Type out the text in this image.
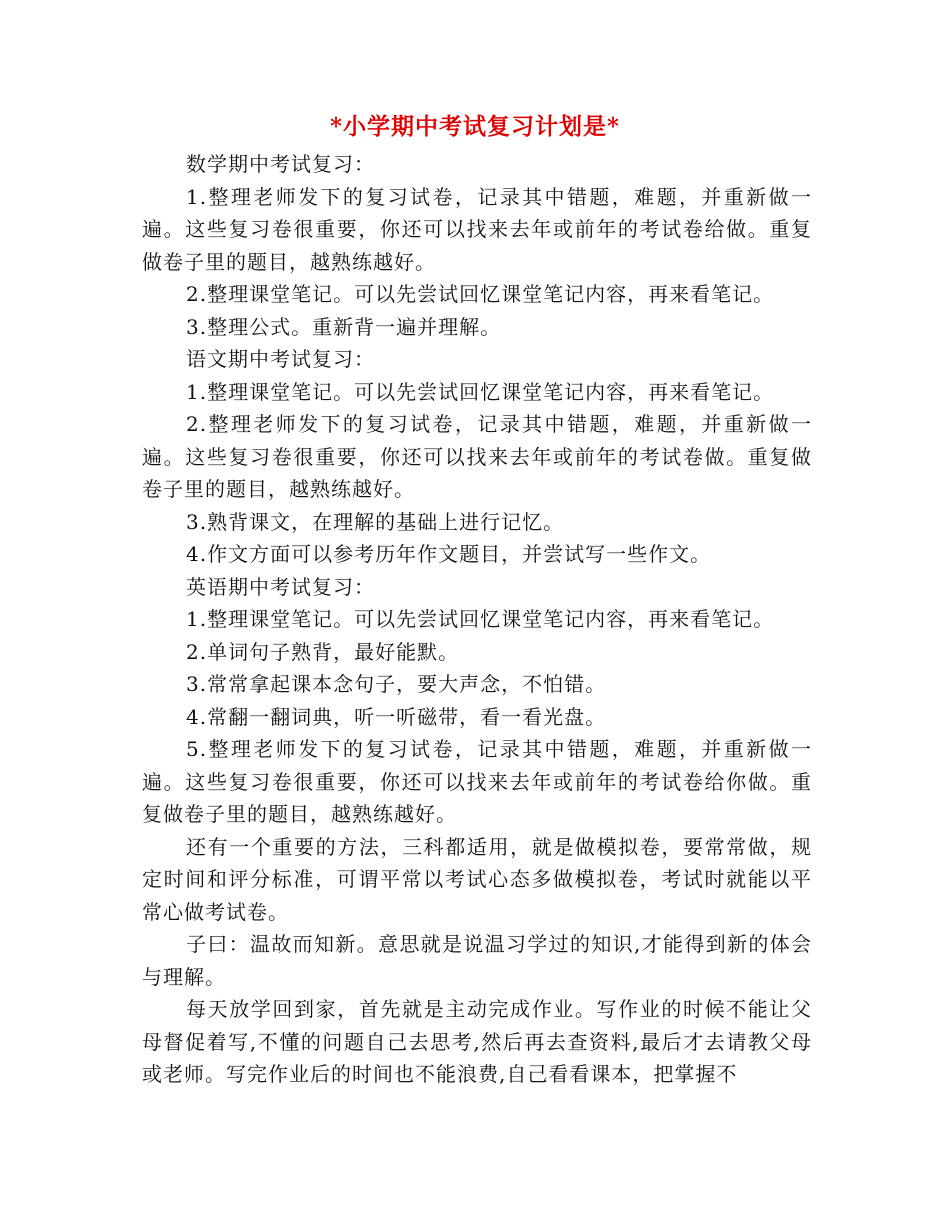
*小学期中考试复习计划是*

数学期中考试复习：

1.整理老师发下的复习试卷，记录其中错题，难题，并重新做一遍。这些复习卷很重要，你还可以找来去年或前年的考试卷给做。重复做卷子里的题目，越熟练越好。

2.整理课堂笔记。可以先尝试回忆课堂笔记内容，再来看笔记。

3.整理公式。重新背一遍并理解。

语文期中考试复习：

1.整理课堂笔记。可以先尝试回忆课堂笔记内容，再来看笔记。

2.整理老师发下的复习试卷，记录其中错题，难题，并重新做一遍。这些复习卷很重要，你还可以找来去年或前年的考试卷做。重复做卷子里的题目，越熟练越好。

3.熟背课文，在理解的基础上进行记忆。

4.作文方面可以参考历年作文题目，并尝试写一些作文。

英语期中考试复习：

1.整理课堂笔记。可以先尝试回忆课堂笔记内容，再来看笔记。

2.单词句子熟背，最好能默。

3.常常拿起课本念句子，要大声念，不怕错。

4.常翻一翻词典，听一听磁带，看一看光盘。

5.整理老师发下的复习试卷，记录其中错题，难题，并重新做一遍。这些复习卷很重要，你还可以找来去年或前年的考试卷给你做。重复做卷子里的题目，越熟练越好。

还有一个重要的方法，三科都适用，就是做模拟卷，要常常做，规定时间和评分标准，可谓平常以考试心态多做模拟卷，考试时就能以平常心做考试卷。

子曰：温故而知新。意思就是说温习学过的知识,才能得到新的体会与理解。

每天放学回到家，首先就是主动完成作业。写作业的时候不能让父母督促着写,不懂的问题自己去思考,然后再去查资料,最后才去请教父母或老师。写完作业后的时间也不能浪费,自己看看课本，把掌握不
